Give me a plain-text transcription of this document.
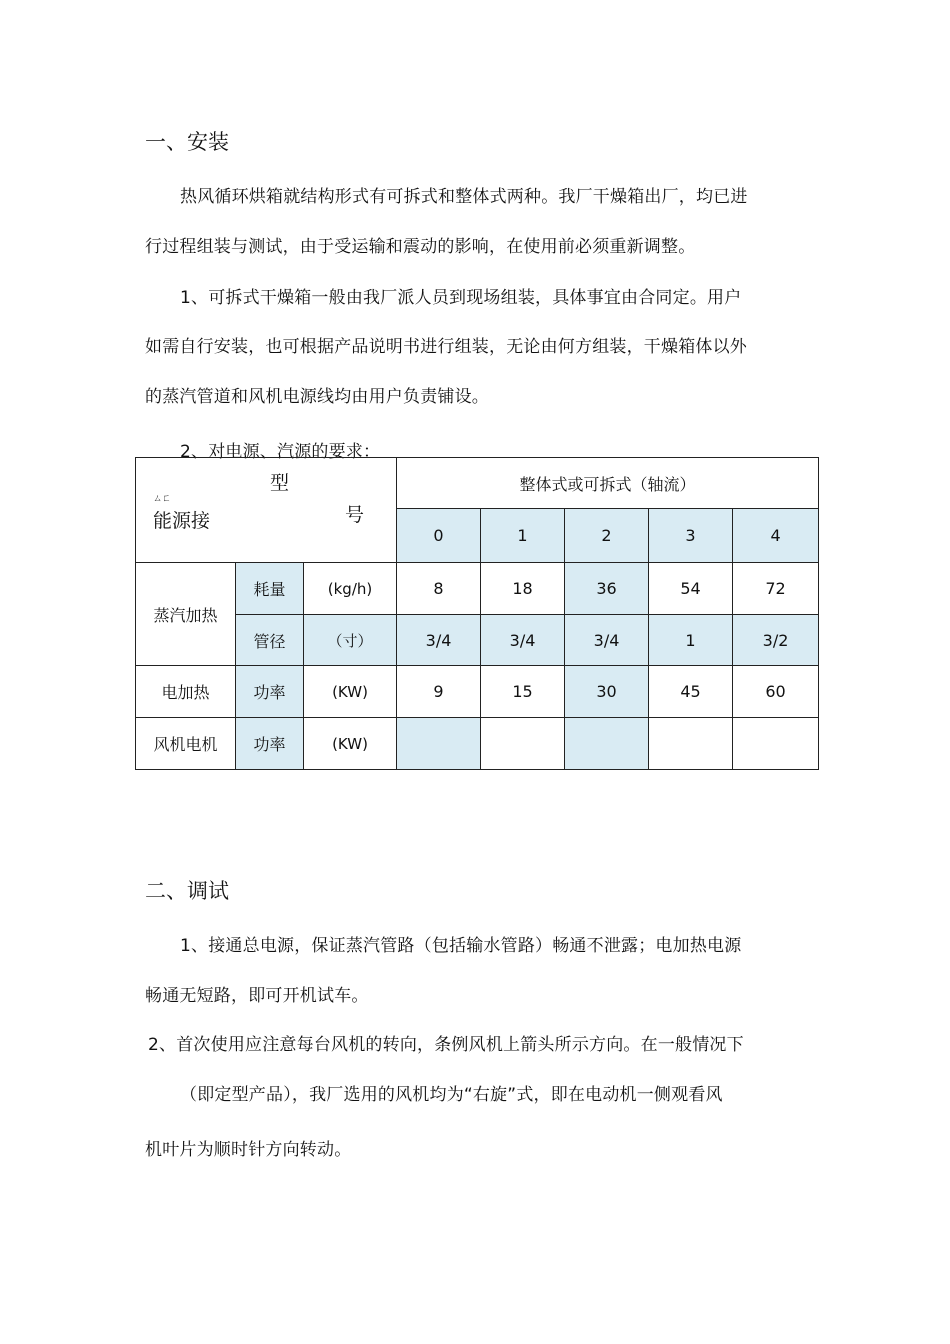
一、安装
热风循环烘箱就结构形式有可拆式和整体式两种。我厂干燥箱出厂，均已进
行过程组装与测试，由于受运输和震动的影响，在使用前必须重新调整。
1、可拆式干燥箱一般由我厂派人员到现场组装，具体事宜由合同定。用户
如需自行安装，也可根据产品说明书进行组装，无论由何方组装，干燥箱体以外
的蒸汽管道和风机电源线均由用户负责铺设。
2、对电源、汽源的要求：
型
ㄙㄈ
能源接 号			整体式或可拆式（轴流）				
			0	1	2	3	4
蒸汽加热	耗量	(kg/h)	8	18	36	54	72
	管径	（寸）	3/4	3/4	3/4	1	3/2
电加热	功率	(KW)	9	15	30	45	60
风机电机	功率	(KW)					
二、调试
1、接通总电源，保证蒸汽管路（包括输水管路）畅通不泄露；电加热电源
畅通无短路，即可开机试车。
2、首次使用应注意每台风机的转向，条例风机上箭头所示方向。在一般情况下
（即定型产品），我厂选用的风机均为“右旋”式，即在电动机一侧观看风
机叶片为顺时针方向转动。
